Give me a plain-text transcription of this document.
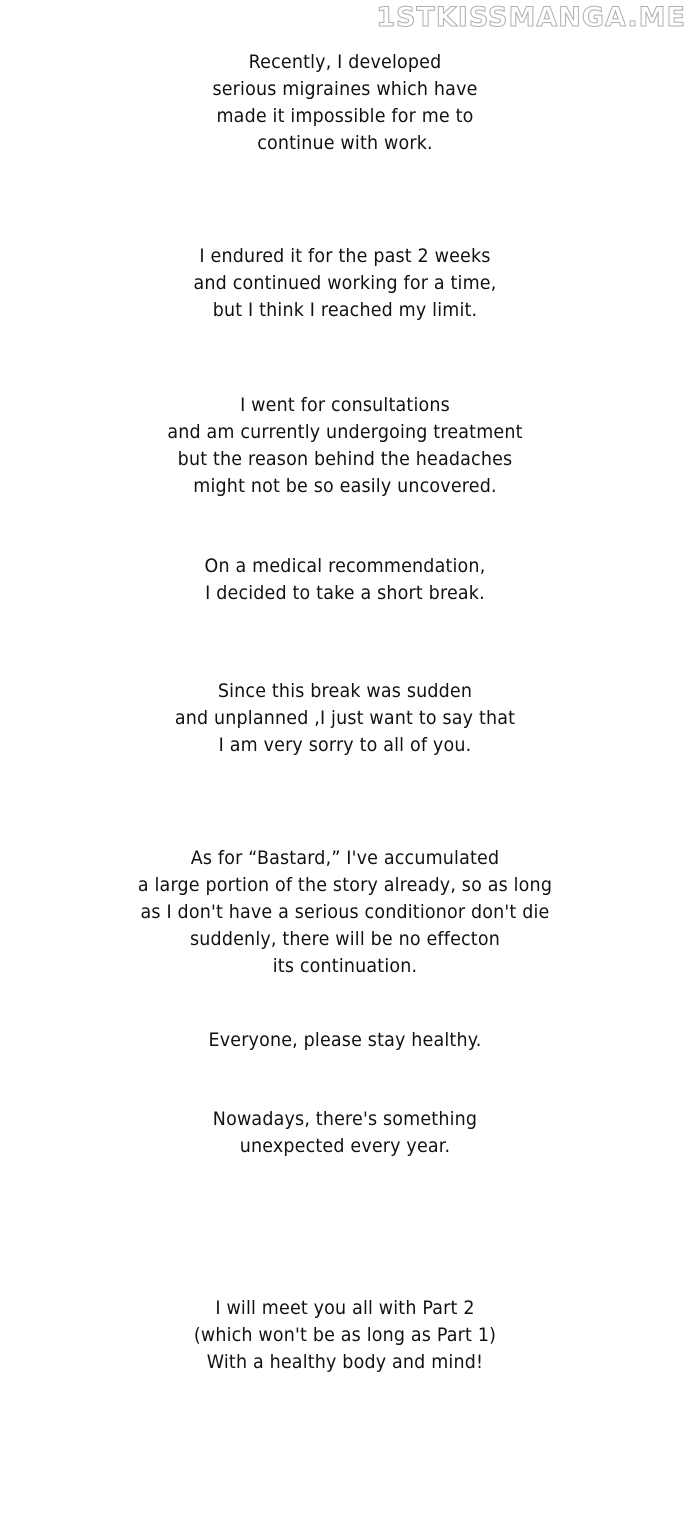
1STKISSMANGA.ME
Recently, I developed
serious migraines which have
made it impossible for me to
continue with work.
I endured it for the past 2 weeks
and continued working for a time,
but I think I reached my limit.
I went for consultations
and am currently undergoing treatment
but the reason behind the headaches
might not be so easily uncovered.
On a medical recommendation,
I decided to take a short break.
Since this break was sudden
and unplanned ,I just want to say that
I am very sorry to all of you.
As for “Bastard,” I've accumulated
a large portion of the story already, so as long
as I don't have a serious conditionor don't die
suddenly, there will be no effecton
its continuation.
Everyone, please stay healthy.
Nowadays, there's something
unexpected every year.
I will meet you all with Part 2
(which won't be as long as Part 1)
With a healthy body and mind!
